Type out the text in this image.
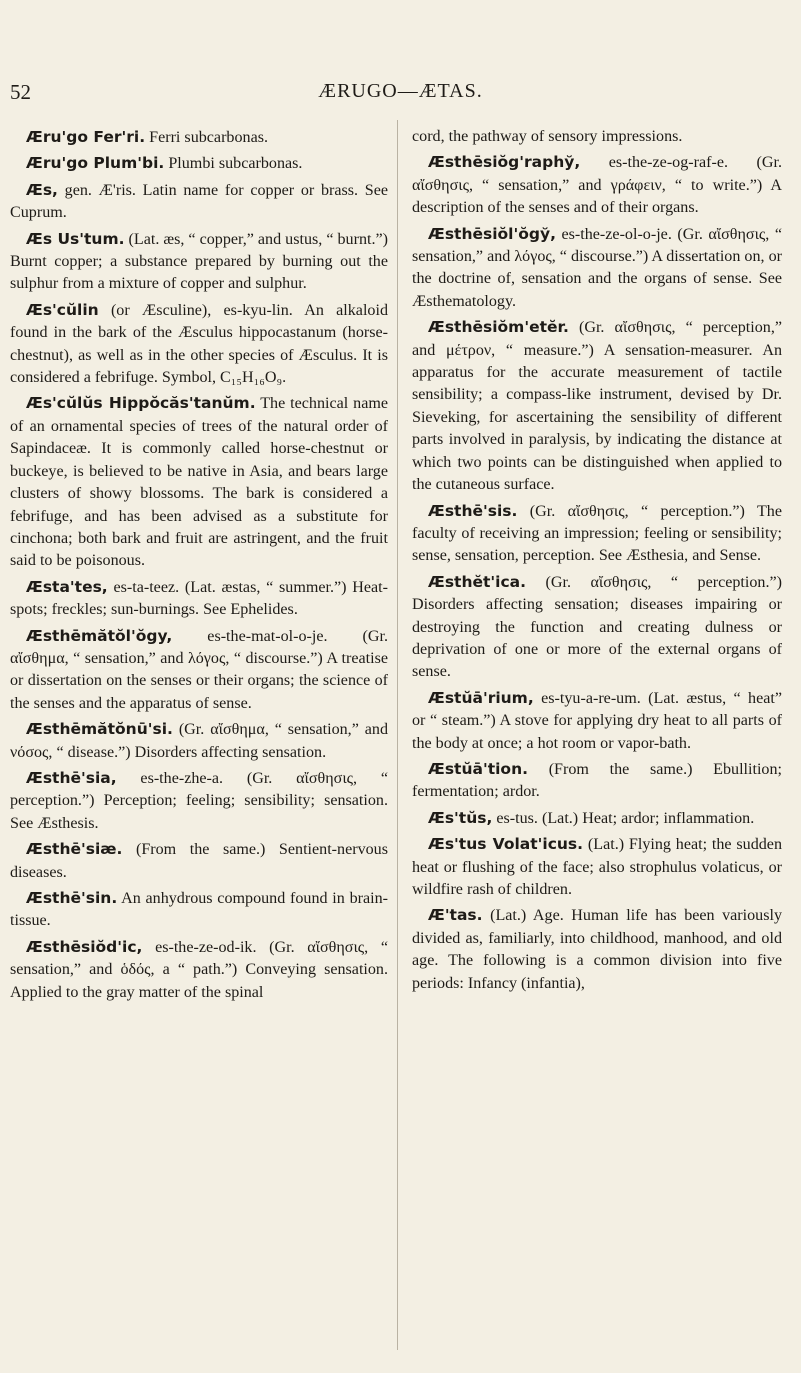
52	ÆRUGO—ÆTAS.

Æru'go Fer'ri. Ferri subcarbonas.

Æru'go Plum'bi. Plumbi subcarbonas.

Æs, gen. Æ'ris. Latin name for copper or brass. See Cuprum.

Æs Us'tum. (Lat. æs, “ copper,” and ustus, “ burnt.”) Burnt copper; a substance prepared by burning out the sulphur from a mixture of copper and sulphur.

Æs'cŭlin (or Æsculine), es-kyu-lin. An alkaloid found in the bark of the Æsculus hippocastanum (horse-chestnut), as well as in the other species of Æsculus. It is considered a febrifuge. Symbol, C₁₅H₁₆O₉.

Æs'cŭlŭs Hippŏcăs'tanŭm. The technical name of an ornamental species of trees of the natural order of Sapindaceæ. It is commonly called horse-chestnut or buckeye, is believed to be native in Asia, and bears large clusters of showy blossoms. The bark is considered a febrifuge, and has been advised as a substitute for cinchona; both bark and fruit are astringent, and the fruit said to be poisonous.

Æsta'tes, es-ta-teez. (Lat. æstas, “ summer.”) Heat-spots; freckles; sun-burnings. See Ephelides.

Æsthēmătŏl'ŏgy, es-the-mat-ol-o-je. (Gr. αἴσθημα, “ sensation,” and λόγος, “ discourse.”) A treatise or dissertation on the senses or their organs; the science of the senses and the apparatus of sense.

Æsthēmătŏnū'si. (Gr. αἴσθημα, “ sensation,” and νόσος, “ disease.”) Disorders affecting sensation.

Æsthē'sia, es-the-zhe-a. (Gr. αἴσθησις, “ perception.”) Perception; feeling; sensibility; sensation. See Æsthesis.

Æsthē'siæ. (From the same.) Sentient-nervous diseases.

Æsthē'sin. An anhydrous compound found in brain-tissue.

Æsthēsiŏd'ic, es-the-ze-od-ik. (Gr. αἴσθησις, “ sensation,” and ὁδός, a “ path.”) Conveying sensation. Applied to the gray matter of the spinal

cord, the pathway of sensory impressions.

Æsthēsiŏg'raphy̆, es-the-ze-og-raf-e. (Gr. αἴσθησις, “ sensation,” and γράφειν, “ to write.”) A description of the senses and of their organs.

Æsthēsiŏl'ŏgy̆, es-the-ze-ol-o-je. (Gr. αἴσθησις, “ sensation,” and λόγος, “ discourse.”) A dissertation on, or the doctrine of, sensation and the organs of sense. See Æsthematology.

Æsthēsiŏm'etĕr. (Gr. αἴσθησις, “ perception,” and μέτρον, “ measure.”) A sensation-measurer. An apparatus for the accurate measurement of tactile sensibility; a compass-like instrument, devised by Dr. Sieveking, for ascertaining the sensibility of different parts involved in paralysis, by indicating the distance at which two points can be distinguished when applied to the cutaneous surface.

Æsthē'sis. (Gr. αἴσθησις, “ perception.”) The faculty of receiving an impression; feeling or sensibility; sense, sensation, perception. See Æsthesia, and Sense.

Æsthĕt'ica. (Gr. αἴσθησις, “ perception.”) Disorders affecting sensation; diseases impairing or destroying the function and creating dulness or deprivation of one or more of the external organs of sense.

Æstŭā'rium, es-tyu-a-re-um. (Lat. æstus, “ heat” or “ steam.”) A stove for applying dry heat to all parts of the body at once; a hot room or vapor-bath.

Æstŭā'tion. (From the same.) Ebullition; fermentation; ardor.

Æs'tŭs, es-tus. (Lat.) Heat; ardor; inflammation.

Æs'tus Volat'icus. (Lat.) Flying heat; the sudden heat or flushing of the face; also strophulus volaticus, or wildfire rash of children.

Æ'tas. (Lat.) Age. Human life has been variously divided as, familiarly, into childhood, manhood, and old age. The following is a common division into five periods: Infancy (infantia),
